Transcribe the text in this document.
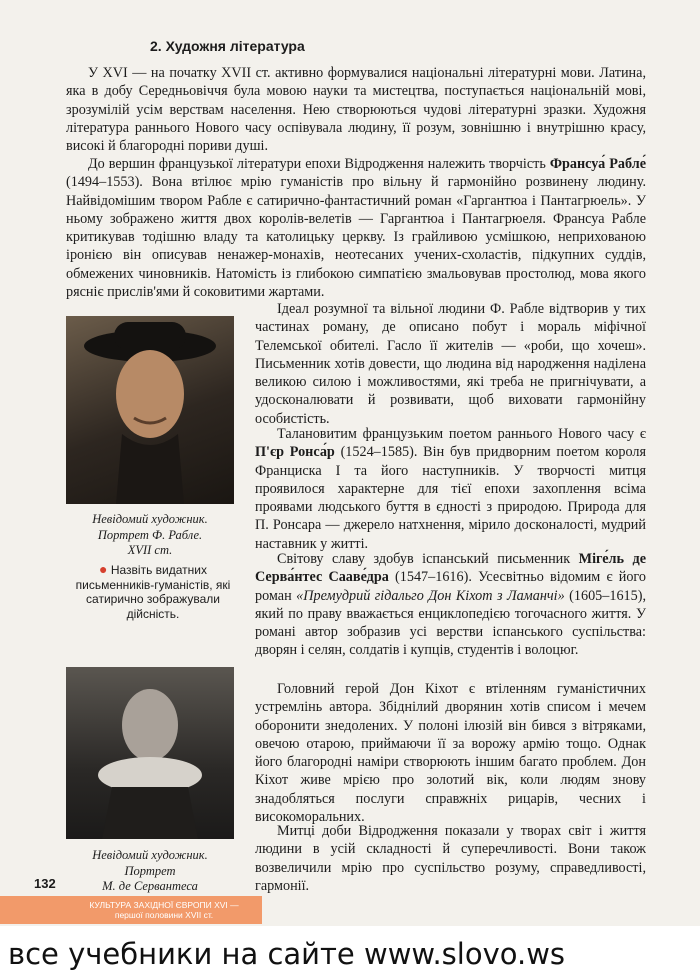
2. Художня література

У XVI — на початку XVII ст. активно формувалися національні літературні мови. Латина, яка в добу Середньовіччя була мовою науки та мистецтва, поступається національній мові, зрозумілій усім верствам населення. Нею створюються чудові літературні зразки. Художня література раннього Нового часу оспівувала людину, її розум, зовнішню і внутрішню красу, високі й благородні пориви душі.

До вершин французької літератури епохи Відродження належить творчість Франсуа́ Рабле́ (1494–1553). Вона втілює мрію гуманістів про вільну й гармонійно розвинену людину. Найвідомішим твором Рабле є сатирично-фантастичний роман «Гаргантюа і Пантагрюель». У ньому зображено життя двох королів-велетів — Гаргантюа і Пантагрюеля. Франсуа Рабле критикував тодішню владу та католицьку церкву. Із грайливою усмішкою, неприхованою іронією він описував ненажер-монахів, неотесаних учених-схоластів, підкупних суддів, обмежених чиновників. Натомість із глибокою симпатією змальовував простолюд, мова якого рясніє прислів'ями й соковитими жартами.

Невідомий художник.
Портрет Ф. Рабле.
XVII ст.
● Назвіть видатних письменників-гуманістів, які сатирично зображували дійсність.

Ідеал розумної та вільної людини Ф. Рабле відтворив у тих частинах роману, де описано побут і мораль міфічної Телемської обителі. Гасло її жителів — «роби, що хочеш». Письменник хотів довести, що людина від народження наділена великою силою і можливостями, які треба не пригнічувати, а удосконалювати й розвивати, щоб виховати гармонійну особистість.

Талановитим французьким поетом раннього Нового часу є П'єр Ронса́р (1524–1585). Він був придворним поетом короля Франциска I та його наступників. У творчості митця проявилося характерне для тієї епохи захоплення всіма проявами людського буття в єдності з природою. Природа для П. Ронсара — джерело натхнення, мірило досконалості, мудрий наставник у житті.

Світову славу здобув іспанський письменник Міге́ль де Серва́нтес Сааве́дра (1547–1616). Усесвітньо відомим є його роман «Премудрий гідальго Дон Кіхот з Ламанчі» (1605–1615), який по праву вважається енциклопедією тогочасного життя. У романі автор зобразив усі верстви іспанського суспільства: дворян і селян, солдатів і купців, студентів і волоцюг.

Невідомий художник.
Портрет
М. де Сервантеса

Головний герой Дон Кіхот є втіленням гуманістичних устремлінь автора. Збіднілий дворянин хотів списом і мечем оборонити знедолених. У полоні ілюзій він бився з вітряками, овечою отарою, приймаючи її за ворожу армію тощо. Однак його благородні наміри створюють іншим багато проблем. Дон Кіхот живе мрією про золотий вік, коли людям знову знадобляться послуги справжніх рицарів, чесних і високоморальних.

Митці доби Відродження показали у творах світ і життя людини в усій складності й суперечливості. Вони також возвеличили мрію про суспільство розуму, справедливості, гармонії.

132
КУЛЬТУРА ЗАХІДНОЇ ЄВРОПИ XVI —
першої половини XVII ст.
все учебники на сайте www.slovo.ws
